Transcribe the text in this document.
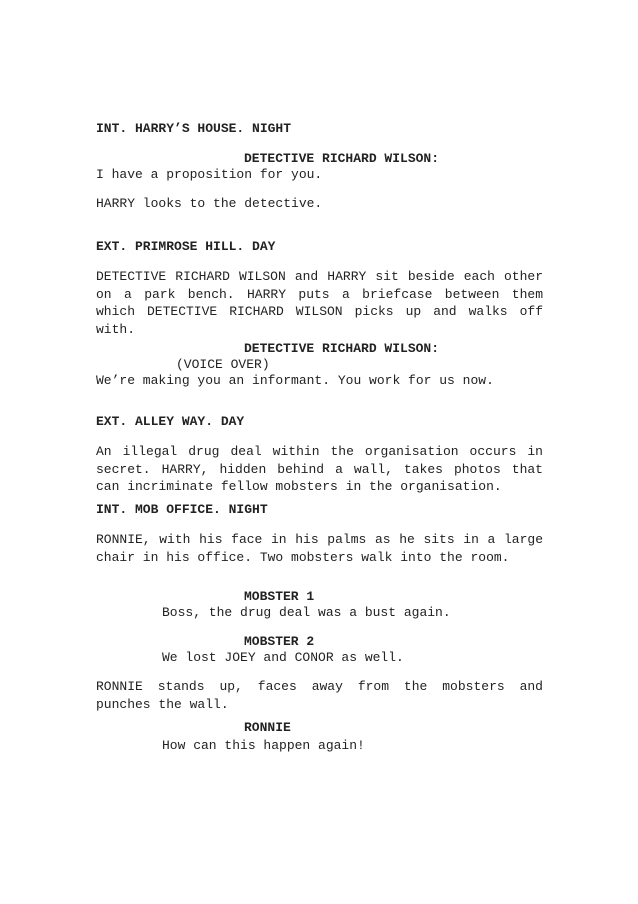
INT. HARRY’S HOUSE. NIGHT

DETECTIVE RICHARD WILSON:

I have a proposition for you.

HARRY looks to the detective.

EXT. PRIMROSE HILL. DAY

DETECTIVE RICHARD WILSON and HARRY sit beside each other on a park bench. HARRY puts a briefcase between them which DETECTIVE RICHARD WILSON picks up and walks off with.

DETECTIVE RICHARD WILSON:

(VOICE OVER)

We’re making you an informant. You work for us now.

EXT. ALLEY WAY. DAY

An illegal drug deal within the organisation occurs in secret. HARRY, hidden behind a wall, takes photos that can incriminate fellow mobsters in the organisation.

INT. MOB OFFICE. NIGHT

RONNIE, with his face in his palms as he sits in a large chair in his office. Two mobsters walk into the room.

MOBSTER 1

Boss, the drug deal was a bust again.

MOBSTER 2

We lost JOEY and CONOR as well.

RONNIE stands up, faces away from the mobsters and punches the wall.

RONNIE

How can this happen again!
